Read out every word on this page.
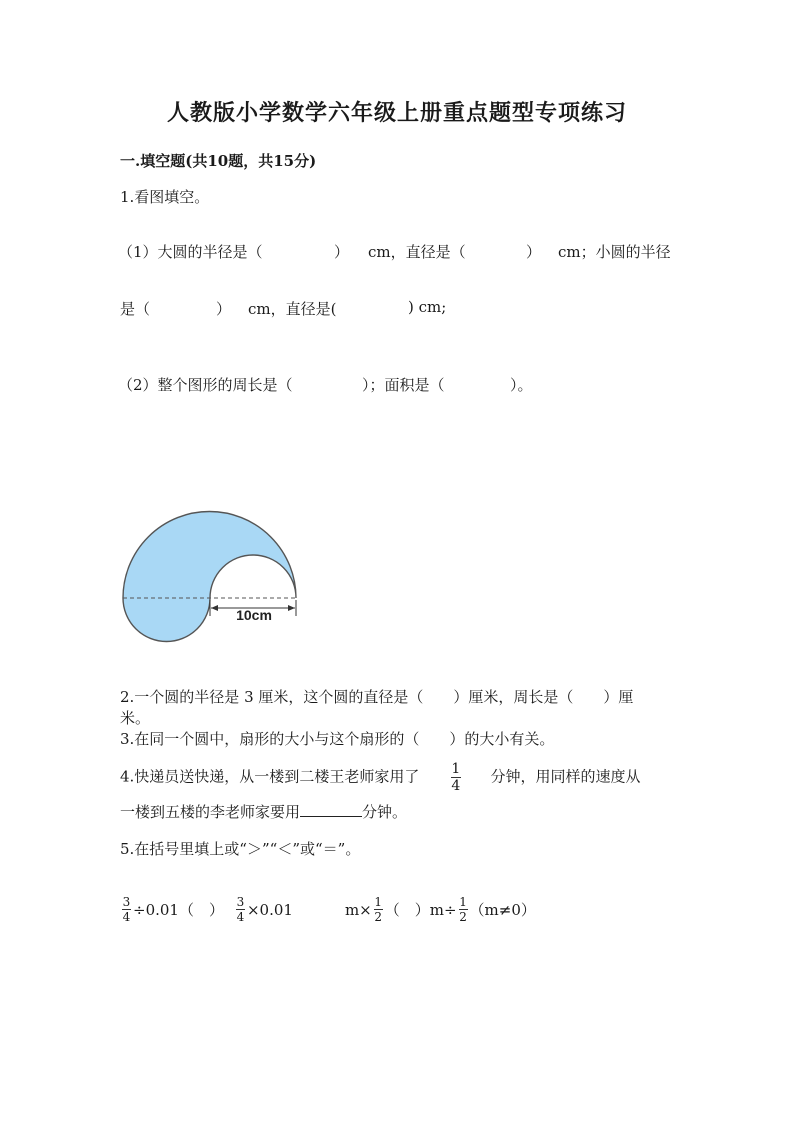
人教版小学数学六年级上册重点题型专项练习
一.填空题(共10题，共15分)
1.看图填空。
（1）大圆的半径是（	） cm，直径是（	） cm；小圆的半径
是（	） cm，直径是(	) cm;
（2）整个图形的周长是（	）；面积是（	）。
10cm
2.一个圆的半径是 3 厘米，这个圆的直径是（　　）厘米，周长是（　　）厘
米。
3.在同一个圆中，扇形的大小与这个扇形的（　　）的大小有关。
4.快递员送快递，从一楼到二楼王老师家用了 $\frac{1}{4}$ 分钟，用同样的速度从
一楼到五楼的李老师家要用	分钟。
5.在括号里填上或“＞”“＜”或“＝”。
$\frac{3}{4} \div 0.01$（　） $\frac{3}{4} \times 0.01$	$m\times \frac{1}{2}$ （　）$m\div \frac{1}{2} (m\ne 0)$
